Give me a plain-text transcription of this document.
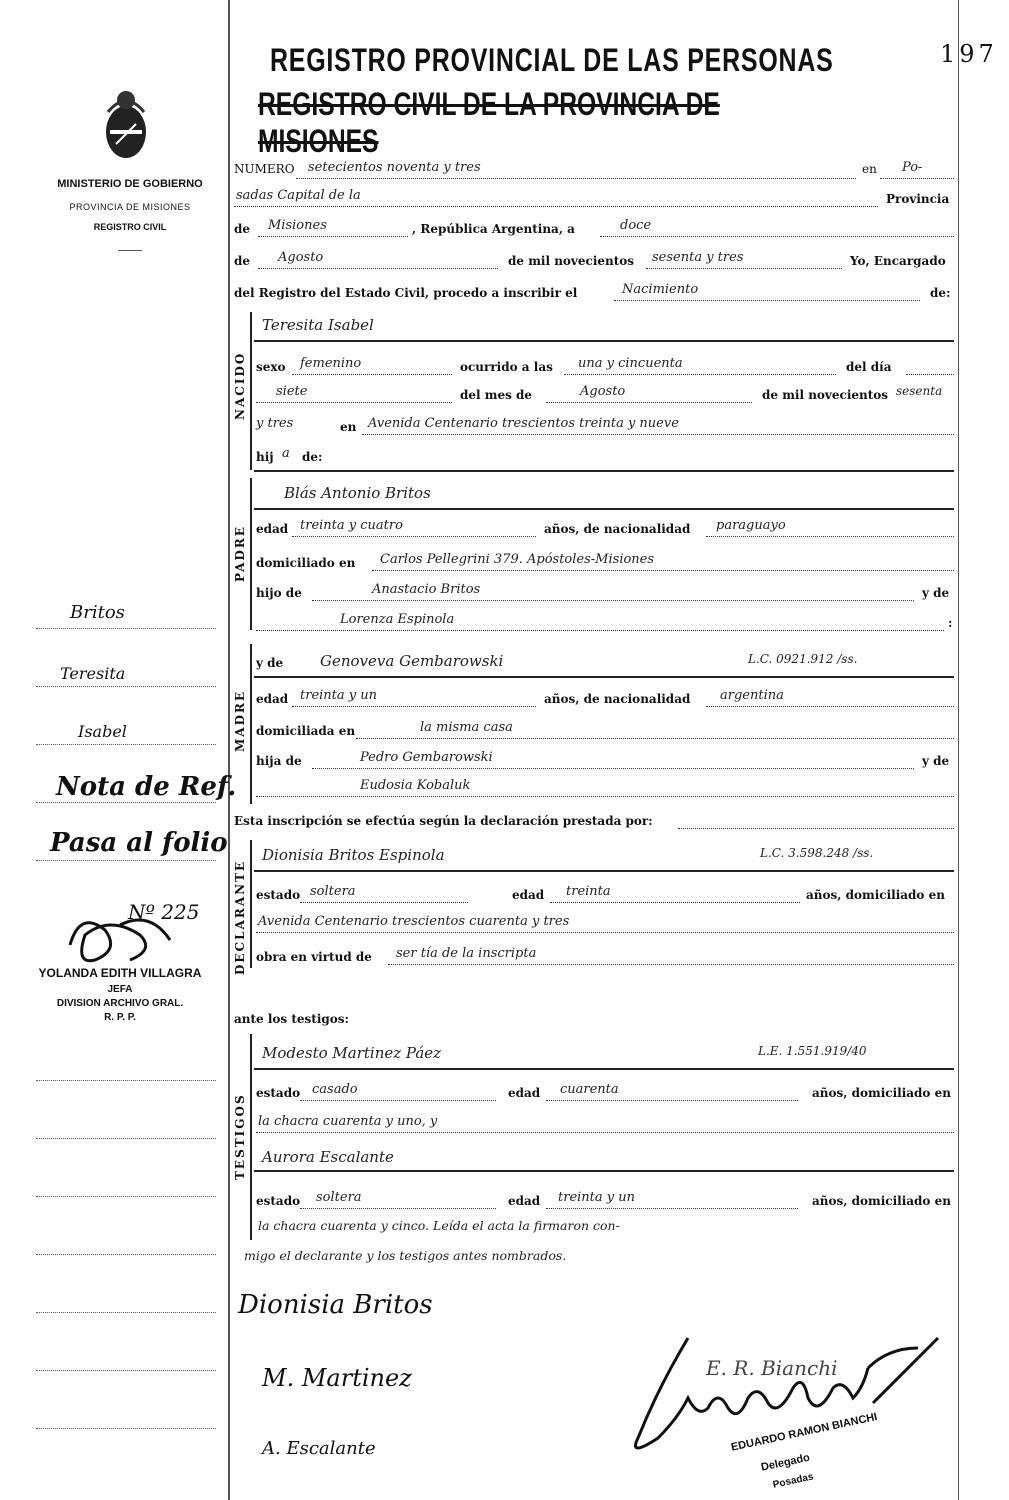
MINISTERIO DE GOBIERNO
PROVINCIA DE MISIONES
REGISTRO CIVIL
Britos
Teresita
Isabel
Nota de Ref.
Pasa al folio
Nº 225
YOLANDA EDITH VILLAGRA
JEFA
DIVISION ARCHIVO GRAL.
R. P. P.
REGISTRO PROVINCIAL DE LAS PERSONAS	197
REGISTRO CIVIL DE LA PROVINCIA DE MISIONES
NUMERO setecientos noventa y tres	en Po-
sadas Capital de la	Provincia
de Misiones	, República Argentina, a	doce
de Agosto	de mil novecientos sesenta y tres	Yo, Encargado
del Registro del Estado Civil, procedo a inscribir el	Nacimiento	de:
NACIDO
Teresita Isabel
sexo femenino	ocurrido a las una y cincuenta	del día
siete	del mes de	Agosto	de mil novecientos sesenta
y tres	en Avenida Centenario trescientos treinta y nueve
hij a de:
PADRE
Blás Antonio Britos
edad treinta y cuatro	años, de nacionalidad paraguayo
domiciliado en Carlos Pellegrini 379. Apóstoles-Misiones
hijo de	Anastacio Britos	y de
Lorenza Espinola	:
MADRE
y de Genoveva Gembarowski	L.C. 0921.912 /ss.
edad treinta y un	años, de nacionalidad argentina
domiciliada en	la misma casa
hija de	Pedro Gembarowski	y de
Eudosia Kobaluk
Esta inscripción se efectúa según la declaración prestada por:
DECLARANTE
Dionisia Britos Espinola	L.C. 3.598.248 /ss.
estado soltera	edad treinta	años, domiciliado en
Avenida Centenario trescientos cuarenta y tres
obra en virtud de ser tía de la inscripta
ante los testigos:
TESTIGOS
Modesto Martinez Páez	L.E. 1.551.919/40
estado casado	edad cuarenta	años, domiciliado en
la chacra cuarenta y uno, y
Aurora Escalante
estado soltera	edad treinta y un	años, domiciliado en
la chacra cuarenta y cinco. Leída el acta la firmaron con-
migo el declarante y los testigos antes nombrados.
Dionisia Britos
M. Martinez
A. Escalante
E. R. Bianchi
EDUARDO RAMON BIANCHI
Delegado
Posadas
